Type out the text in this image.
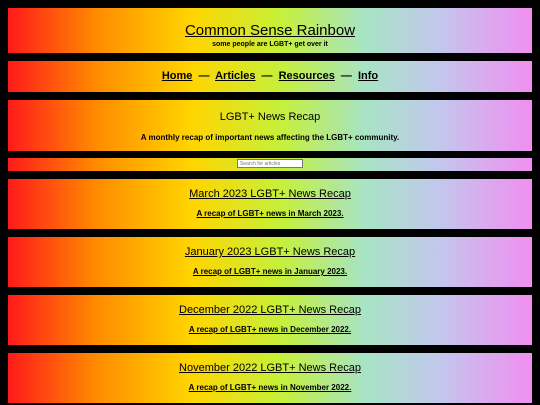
Common Sense Rainbow

some people are LGBT+ get over it

Home — Articles — Resources — Info
LGBT+ News Recap

A monthly recap of important news affecting the LGBT+ community.

Search for articles
March 2023 LGBT+ News Recap

A recap of LGBT+ news in March 2023.

January 2023 LGBT+ News Recap

A recap of LGBT+ news in January 2023.

December 2022 LGBT+ News Recap

A recap of LGBT+ news in December 2022.

November 2022 LGBT+ News Recap

A recap of LGBT+ news in November 2022.
